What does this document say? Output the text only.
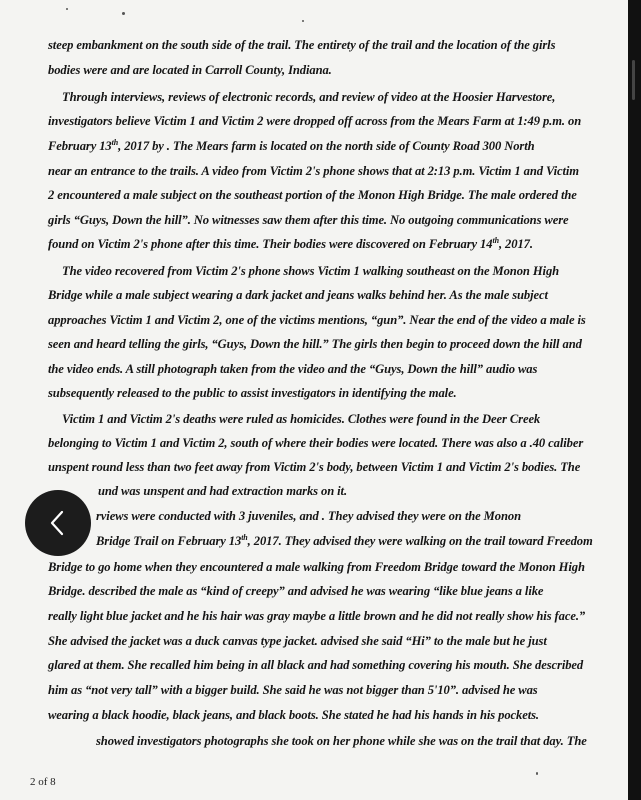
steep embankment on the south side of the trail. The entirety of the trail and the location of the girls
bodies were and are located in Carroll County, Indiana.
Through interviews, reviews of electronic records, and review of video at the Hoosier Harvestore,
investigators believe Victim 1 and Victim 2 were dropped off across from the Mears Farm at 1:49 p.m. on
February 13th, 2017 by . The Mears farm is located on the north side of County Road 300 North
near an entrance to the trails. A video from Victim 2's phone shows that at 2:13 p.m. Victim 1 and Victim
2 encountered a male subject on the southeast portion of the Monon High Bridge. The male ordered the
girls “Guys, Down the hill”. No witnesses saw them after this time. No outgoing communications were
found on Victim 2's phone after this time. Their bodies were discovered on February 14th, 2017.
The video recovered from Victim 2's phone shows Victim 1 walking southeast on the Monon High
Bridge while a male subject wearing a dark jacket and jeans walks behind her. As the male subject
approaches Victim 1 and Victim 2, one of the victims mentions, “gun”. Near the end of the video a male is
seen and heard telling the girls, “Guys, Down the hill.” The girls then begin to proceed down the hill and
the video ends. A still photograph taken from the video and the “Guys, Down the hill” audio was
subsequently released to the public to assist investigators in identifying the male.
Victim 1 and Victim 2's deaths were ruled as homicides. Clothes were found in the Deer Creek
belonging to Victim 1 and Victim 2, south of where their bodies were located. There was also a .40 caliber
unspent round less than two feet away from Victim 2's body, between Victim 1 and Victim 2's bodies. The
und was unspent and had extraction marks on it.
rviews were conducted with 3 juveniles, and . They advised they were on the Monon
Bridge Trail on February 13th, 2017. They advised they were walking on the trail toward Freedom
Bridge to go home when they encountered a male walking from Freedom Bridge toward the Monon High
Bridge. described the male as “kind of creepy” and advised he was wearing “like blue jeans a like
really light blue jacket and he his hair was gray maybe a little brown and he did not really show his face.”
She advised the jacket was a duck canvas type jacket. advised she said “Hi” to the male but he just
glared at them. She recalled him being in all black and had something covering his mouth. She described
him as “not very tall” with a bigger build. She said he was not bigger than 5'10”. advised he was
wearing a black hoodie, black jeans, and black boots. She stated he had his hands in his pockets.
showed investigators photographs she took on her phone while she was on the trail that day. The
2 of 8
